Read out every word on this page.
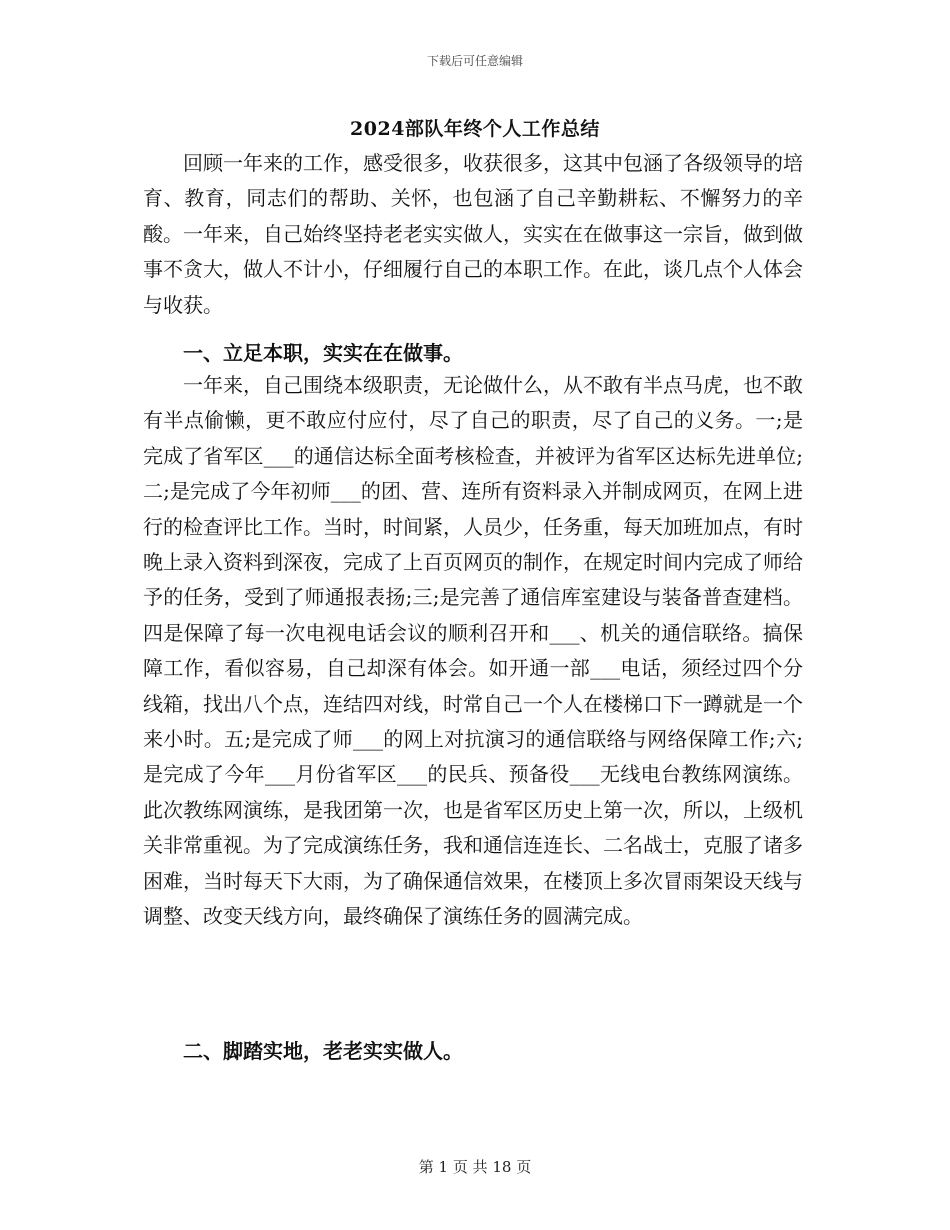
下载后可任意编辑
2024部队年终个人工作总结

回顾一年来的工作，感受很多，收获很多，这其中包涵了各级领导的培育、教育，同志们的帮助、关怀，也包涵了自己辛勤耕耘、不懈努力的辛酸。一年来，自己始终坚持老老实实做人，实实在在做事这一宗旨，做到做事不贪大，做人不计小，仔细履行自己的本职工作。在此，谈几点个人体会与收获。

一、立足本职，实实在在做事。

一年来，自己围绕本级职责，无论做什么，从不敢有半点马虎，也不敢有半点偷懒，更不敢应付应付，尽了自己的职责，尽了自己的义务。一;是完成了省军区___的通信达标全面考核检查，并被评为省军区达标先进单位;二;是完成了今年初师___的团、营、连所有资料录入并制成网页，在网上进行的检查评比工作。当时，时间紧，人员少，任务重，每天加班加点，有时晚上录入资料到深夜，完成了上百页网页的制作，在规定时间内完成了师给予的任务，受到了师通报表扬;三;是完善了通信库室建设与装备普查建档。四是保障了每一次电视电话会议的顺利召开和___、机关的通信联络。搞保障工作，看似容易，自己却深有体会。如开通一部___电话，须经过四个分线箱，找出八个点，连结四对线，时常自己一个人在楼梯口下一蹲就是一个来小时。五;是完成了师___的网上对抗演习的通信联络与网络保障工作;六;是完成了今年___月份省军区___的民兵、预备役___无线电台教练网演练。此次教练网演练，是我团第一次，也是省军区历史上第一次，所以，上级机关非常重视。为了完成演练任务，我和通信连连长、二名战士，克服了诸多困难，当时每天下大雨，为了确保通信效果，在楼顶上多次冒雨架设天线与调整、改变天线方向，最终确保了演练任务的圆满完成。

二、脚踏实地，老老实实做人。

第 1 页 共 18 页
